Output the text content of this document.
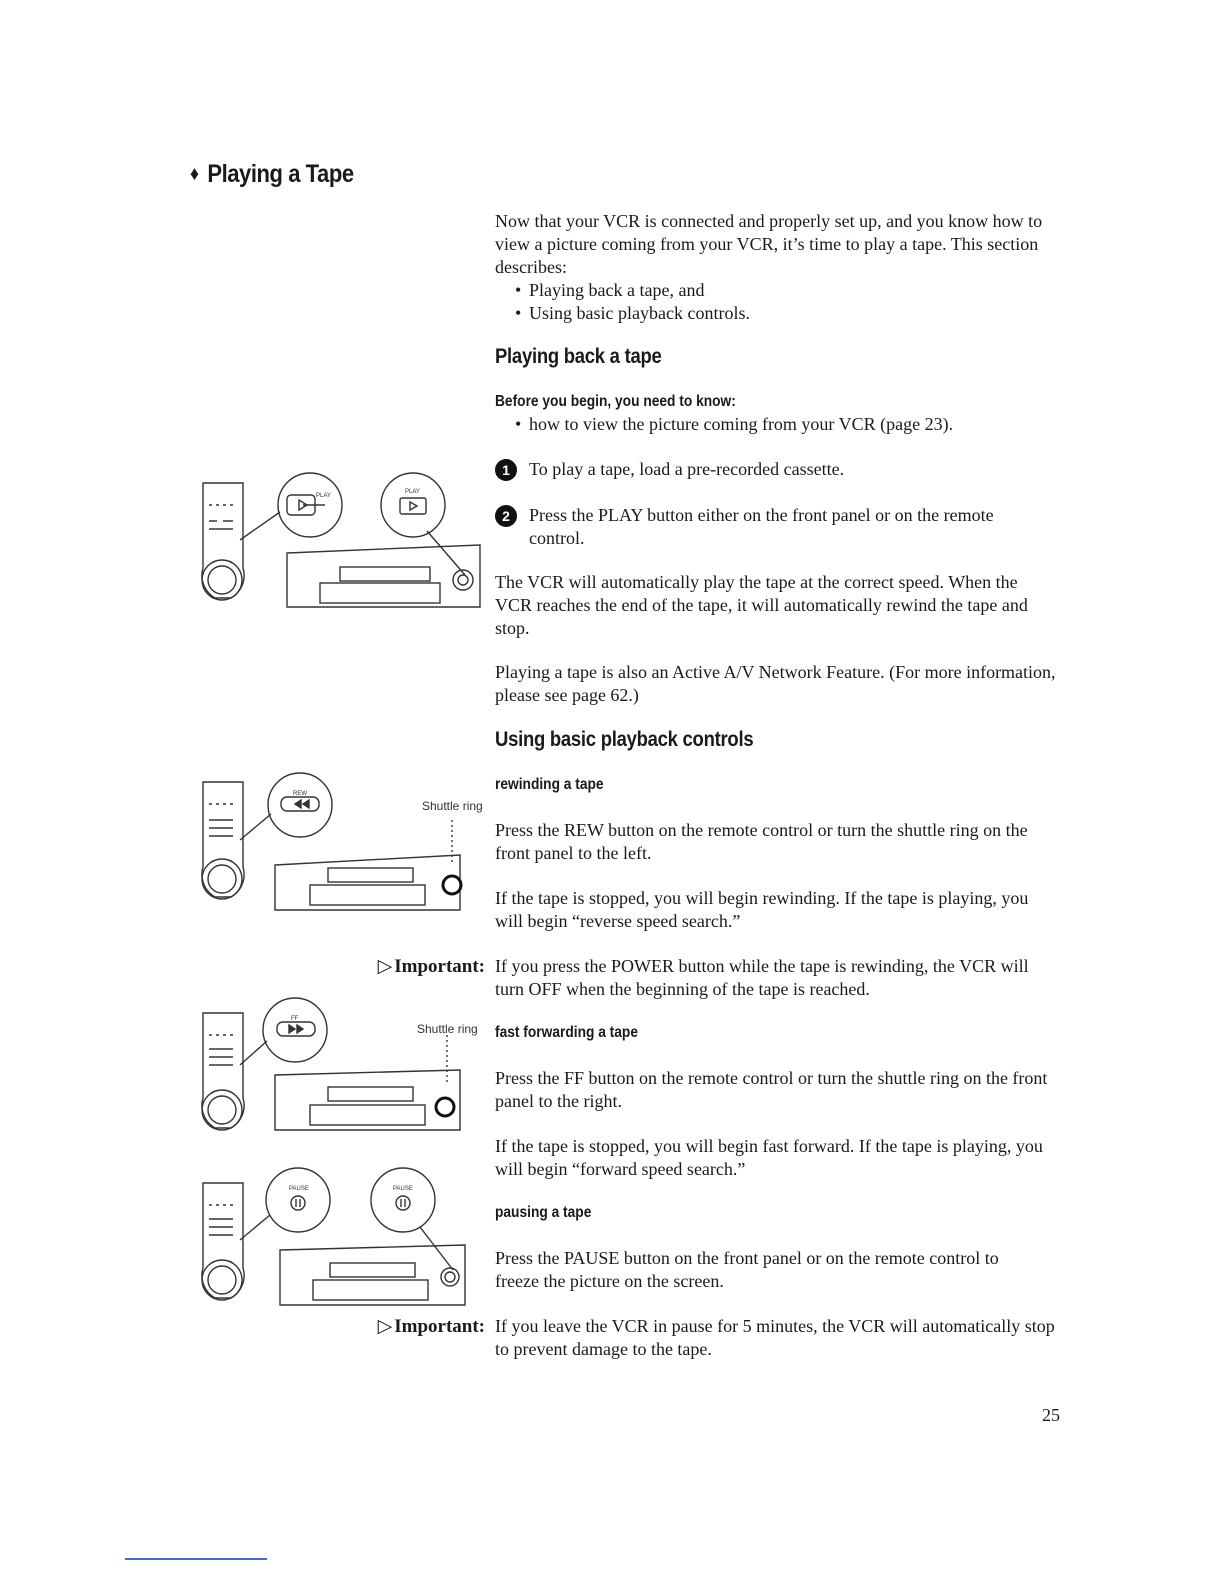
♦ Playing a Tape
Now that your VCR is connected and properly set up, and you know how to view a picture coming from your VCR, it’s time to play a tape. This section describes:
• Playing back a tape, and
• Using basic playback controls.
Playing back a tape
Before you begin, you need to know:
• how to view the picture coming from your VCR (page 23).
1	To play a tape, load a pre-recorded cassette.
2	Press the PLAY button either on the front panel or on the remote control.
The VCR will automatically play the tape at the correct speed. When the VCR reaches the end of the tape, it will automatically rewind the tape and stop.
Playing a tape is also an Active A/V Network Feature. (For more information, please see page 62.)
Using basic playback controls
rewinding a tape
Press the REW button on the remote control or turn the shuttle ring on the front panel to the left.
If the tape is stopped, you will begin rewinding. If the tape is playing, you will begin “reverse speed search.”
▷ Important: If you press the POWER button while the tape is rewinding, the VCR will turn OFF when the beginning of the tape is reached.
fast forwarding a tape
Press the FF button on the remote control or turn the shuttle ring on the front panel to the right.
If the tape is stopped, you will begin fast forward. If the tape is playing, you will begin “forward speed search.”
pausing a tape
Press the PAUSE button on the front panel or on the remote control to freeze the picture on the screen.
▷ Important: If you leave the VCR in pause for 5 minutes, the VCR will automatically stop to prevent damage to the tape.
25
PLAY
PLAY
REW
Shuttle ring
FF
Shuttle ring
PAUSE	PAUSE
